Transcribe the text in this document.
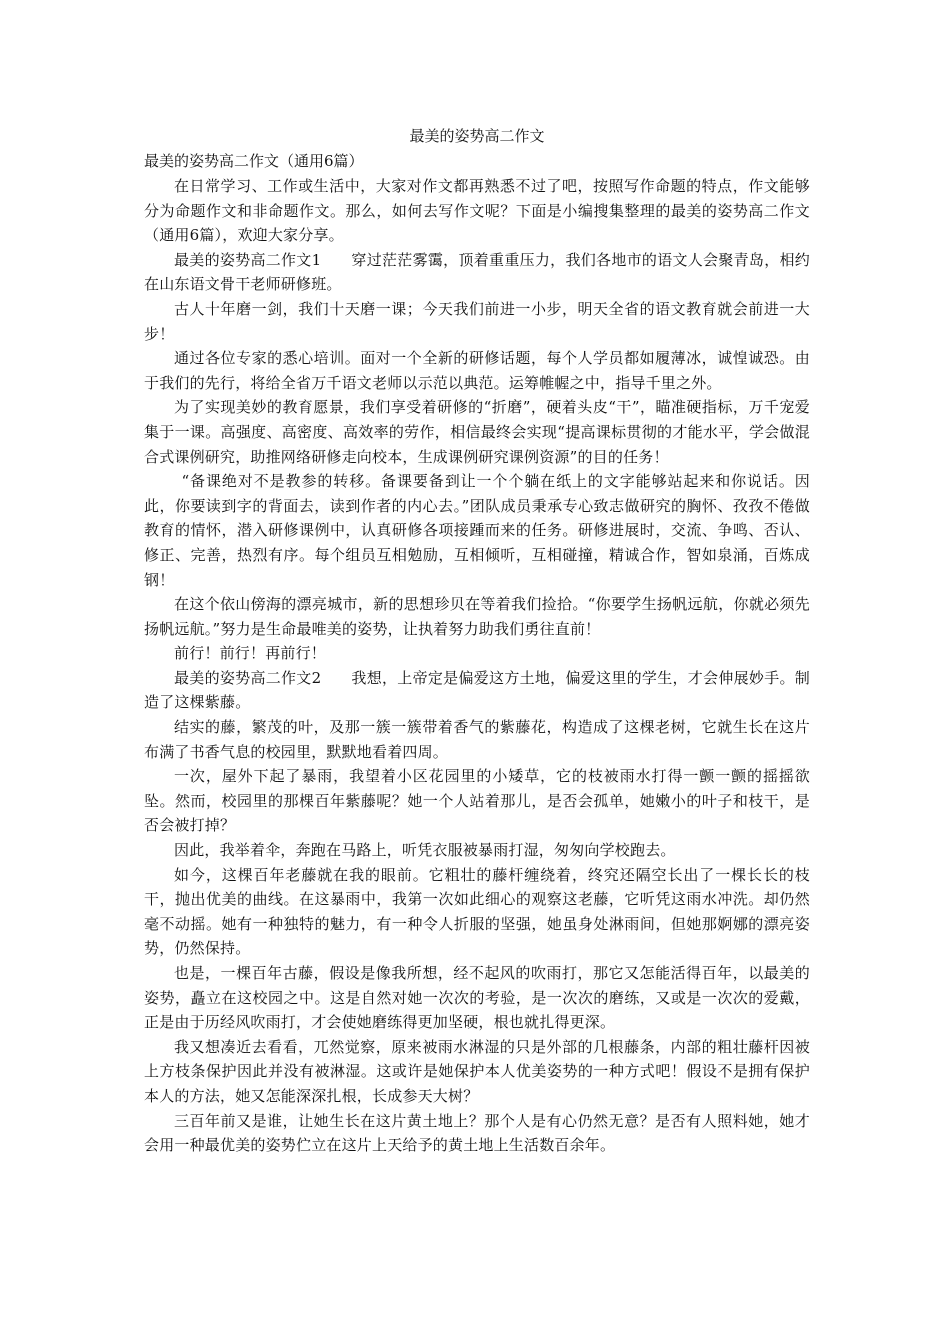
最美的姿势高二作文

最美的姿势高二作文（通用6篇）

在日常学习、工作或生活中，大家对作文都再熟悉不过了吧，按照写作命题的特点，作文能够分为命题作文和非命题作文。那么，如何去写作文呢？下面是小编搜集整理的最美的姿势高二作文（通用6篇），欢迎大家分享。

最美的姿势高二作文1 穿过茫茫雾霭，顶着重重压力，我们各地市的语文人会聚青岛，相约在山东语文骨干老师研修班。

古人十年磨一剑，我们十天磨一课；今天我们前进一小步，明天全省的语文教育就会前进一大步！

通过各位专家的悉心培训。面对一个全新的研修话题，每个人学员都如履薄冰，诚惶诚恐。由于我们的先行，将给全省万千语文老师以示范以典范。运筹帷幄之中，指导千里之外。

为了实现美妙的教育愿景，我们享受着研修的“折磨”，硬着头皮“干”，瞄准硬指标，万千宠爱集于一课。高强度、高密度、高效率的劳作，相信最终会实现“提高课标贯彻的才能水平，学会做混合式课例研究，助推网络研修走向校本，生成课例研究课例资源”的目的任务！

“备课绝对不是教参的转移。备课要备到让一个个躺在纸上的文字能够站起来和你说话。因此，你要读到字的背面去，读到作者的内心去。”团队成员秉承专心致志做研究的胸怀、孜孜不倦做教育的情怀，潜入研修课例中，认真研修各项接踵而来的任务。研修进展时，交流、争鸣、否认、修正、完善，热烈有序。每个组员互相勉励，互相倾听，互相碰撞，精诚合作，智如泉涌，百炼成钢！

在这个依山傍海的漂亮城市，新的思想珍贝在等着我们捡拾。“你要学生扬帆远航，你就必须先扬帆远航。”努力是生命最唯美的姿势，让执着努力助我们勇往直前！

前行！前行！再前行！

最美的姿势高二作文2 我想，上帝定是偏爱这方土地，偏爱这里的学生，才会伸展妙手。制造了这棵紫藤。

结实的藤，繁茂的叶，及那一簇一簇带着香气的紫藤花，构造成了这棵老树，它就生长在这片布满了书香气息的校园里，默默地看着四周。

一次，屋外下起了暴雨，我望着小区花园里的小矮草，它的枝被雨水打得一颤一颤的摇摇欲坠。然而，校园里的那棵百年紫藤呢？她一个人站着那儿，是否会孤单，她嫩小的叶子和枝干，是否会被打掉？

因此，我举着伞，奔跑在马路上，听凭衣服被暴雨打湿，匆匆向学校跑去。

如今，这棵百年老藤就在我的眼前。它粗壮的藤杆缠绕着，终究还隔空长出了一棵长长的枝干，抛出优美的曲线。在这暴雨中，我第一次如此细心的观察这老藤，它听凭这雨水冲洗。却仍然毫不动摇。她有一种独特的魅力，有一种令人折服的坚强，她虽身处淋雨间，但她那婀娜的漂亮姿势，仍然保持。

也是，一棵百年古藤，假设是像我所想，经不起风的吹雨打，那它又怎能活得百年，以最美的姿势，矗立在这校园之中。这是自然对她一次次的考验，是一次次的磨练，又或是一次次的爱戴，正是由于历经风吹雨打，才会使她磨练得更加坚硬，根也就扎得更深。

我又想凑近去看看，兀然觉察，原来被雨水淋湿的只是外部的几根藤条，内部的粗壮藤杆因被上方枝条保护因此并没有被淋湿。这或许是她保护本人优美姿势的一种方式吧！假设不是拥有保护本人的方法，她又怎能深深扎根，长成参天大树？

三百年前又是谁，让她生长在这片黄土地上？那个人是有心仍然无意？是否有人照料她，她才会用一种最优美的姿势伫立在这片上天给予的黄土地上生活数百余年。
